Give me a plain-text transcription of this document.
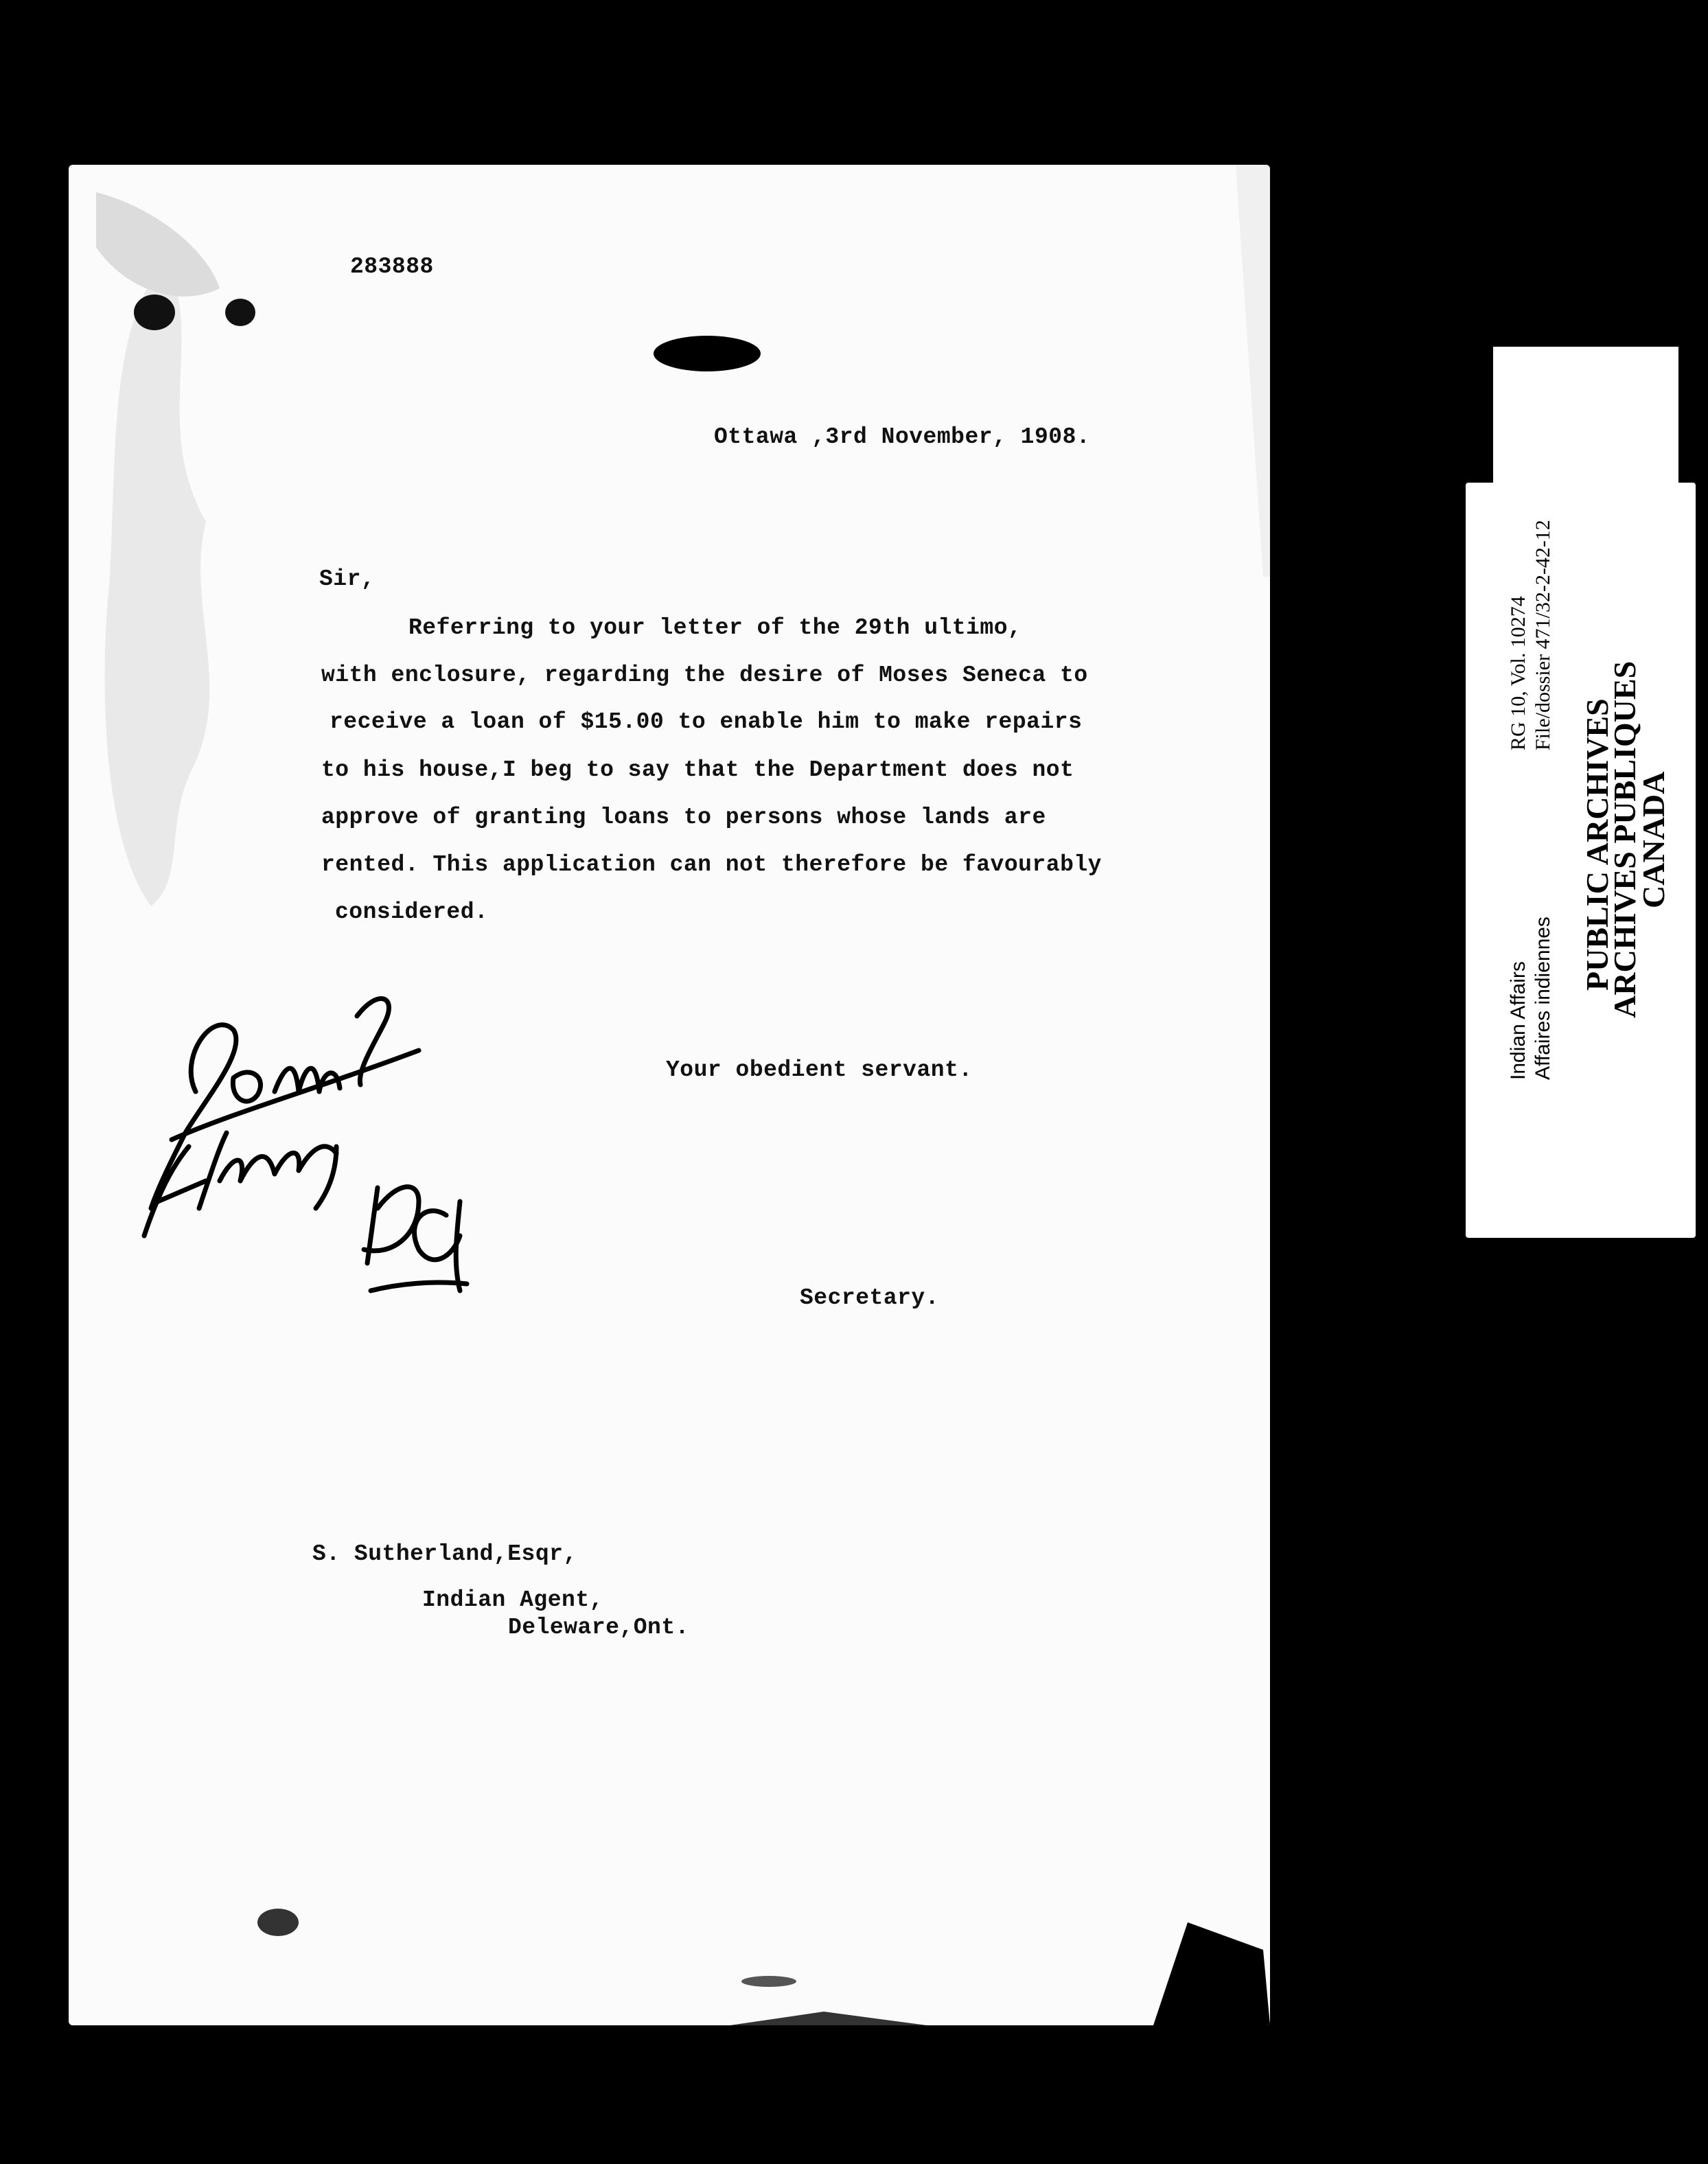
283888

Ottawa ,3rd November, 1908.

Sir,

Referring to your letter of the 29th ultimo,

with enclosure, regarding the desire of Moses Seneca to

receive a loan of $15.00 to enable him to make repairs

to his house,I beg to say that the Department does not

approve of granting loans to persons whose lands are

rented. This application can not therefore be favourably

considered.

Your obedient servant.

Secretary.

S. Sutherland,Esqr,

Indian Agent,

Deleware,Ont.

Indian Affairs Affaires indiennes
RG 10, Vol. 10274 File/dossier 471/32-2-42-12
PUBLIC ARCHIVES
ARCHIVES PUBLIQUES
CANADA
